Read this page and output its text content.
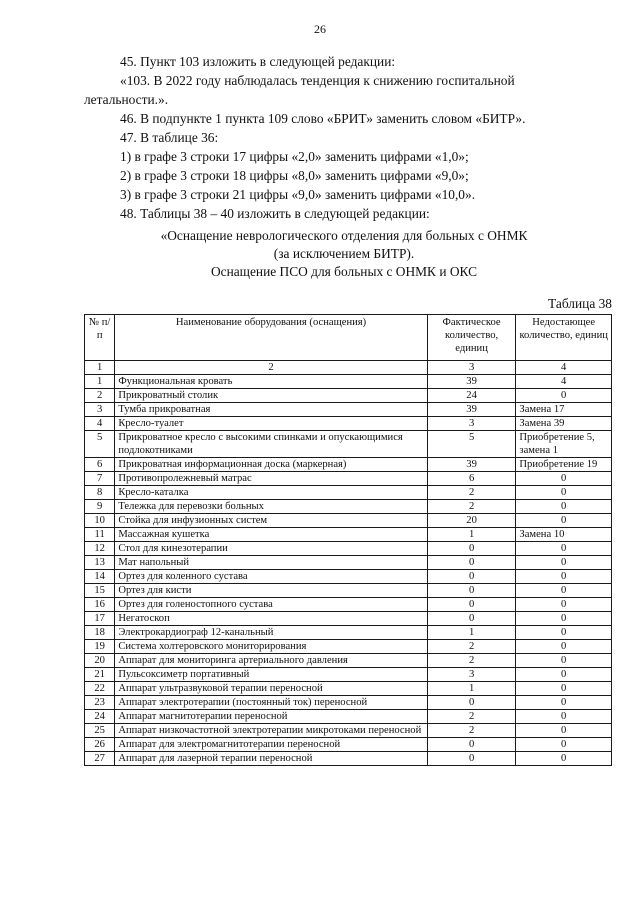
26

45. Пункт 103 изложить в следующей редакции:

«103. В 2022 году наблюдалась тенденция к снижению госпитальной

летальности.».

46. В подпункте 1 пункта 109 слово «БРИТ» заменить словом «БИТР».

47. В таблице 36:

1) в графе 3 строки 17 цифры «2,0» заменить цифрами «1,0»;

2) в графе 3 строки 18 цифры «8,0» заменить цифрами «9,0»;

3) в графе 3 строки 21 цифры «9,0» заменить цифрами «10,0».

48. Таблицы 38 – 40 изложить в следующей редакции:

«Оснащение неврологического отделения для больных с ОНМК
(за исключением БИТР).
Оснащение ПСО для больных с ОНМК и ОКС
Таблица 38
№ п/п	Наименование оборудования (оснащения)	Фактическое количество, единиц	Недостающее количество, единиц
1	2	3	4
1	Функциональная кровать	39	4
2	Прикроватный столик	24	0
3	Тумба прикроватная	39	Замена 17
4	Кресло-туалет	3	Замена 39
5	Прикроватное кресло с высокими спинками и опускающимися подлокотниками	5	Приобретение 5, замена 1
6	Прикроватная информационная доска (маркерная)	39	Приобретение 19
7	Противопролежневый матрас	6	0
8	Кресло-каталка	2	0
9	Тележка для перевозки больных	2	0
10	Стойка для инфузионных систем	20	0
11	Массажная кушетка	1	Замена 10
12	Стол для кинезотерапии	0	0
13	Мат напольный	0	0
14	Ортез для коленного сустава	0	0
15	Ортез для кисти	0	0
16	Ортез для голеностопного сустава	0	0
17	Негатоскоп	0	0
18	Электрокардиограф 12-канальный	1	0
19	Система холтеровского мониторирования	2	0
20	Аппарат для мониторинга артериального давления	2	0
21	Пульсоксиметр портативный	3	0
22	Аппарат ультразвуковой терапии переносной	1	0
23	Аппарат электротерапии (постоянный ток) переносной	0	0
24	Аппарат магнитотерапии переносной	2	0
25	Аппарат низкочастотной электротерапии микротоками переносной	2	0
26	Аппарат для электромагнитотерапии переносной	0	0
27	Аппарат для лазерной терапии переносной	0	0
